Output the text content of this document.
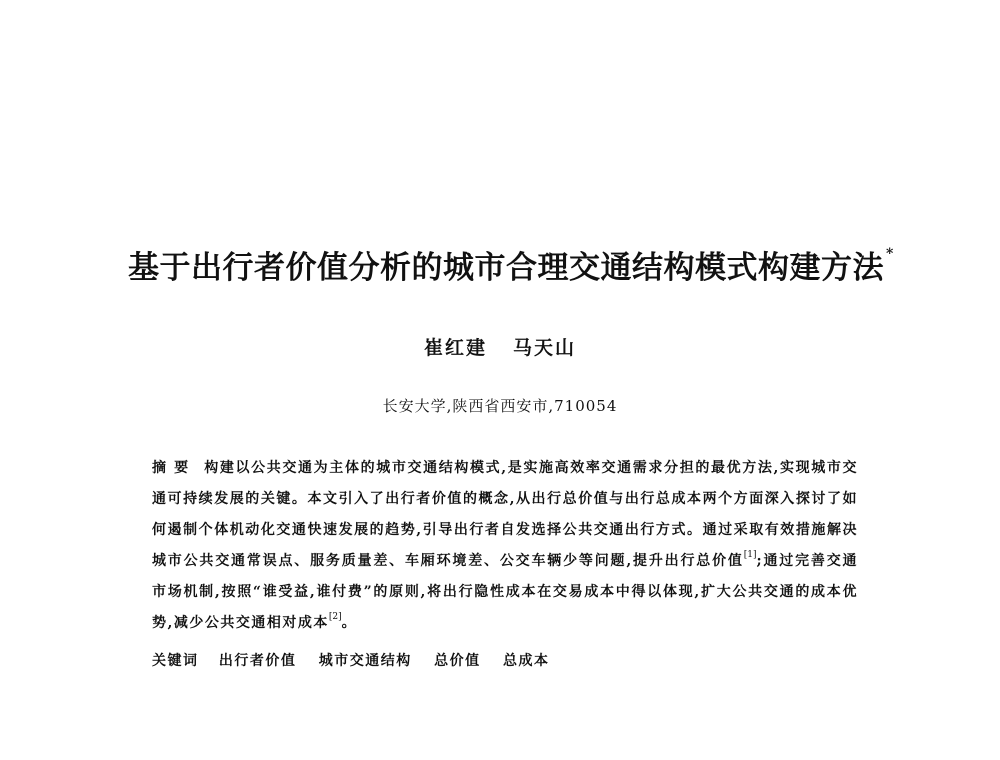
基于出行者价值分析的城市合理交通结构模式构建方法 *
崔红建 马天山
长安大学,陕西省西安市,710054
摘要 构建以公共交通为主体的城市交通结构模式,是实施高效率交通需求分担的最优方法,实现城市交通可持续发展的关键。本文引入了出行者价值的概念,从出行总价值与出行总成本两个方面深入探讨了如何遏制个体机动化交通快速发展的趋势,引导出行者自发选择公共交通出行方式。通过采取有效措施解决城市公共交通常误点、服务质量差、车厢环境差、公交车辆少等问题,提升出行总价值[1];通过完善交通市场机制,按照“谁受益,谁付费”的原则,将出行隐性成本在交易成本中得以体现,扩大公共交通的成本优势,减少公共交通相对成本[2]。
关键词 出行者价值 城市交通结构 总价值 总成本
